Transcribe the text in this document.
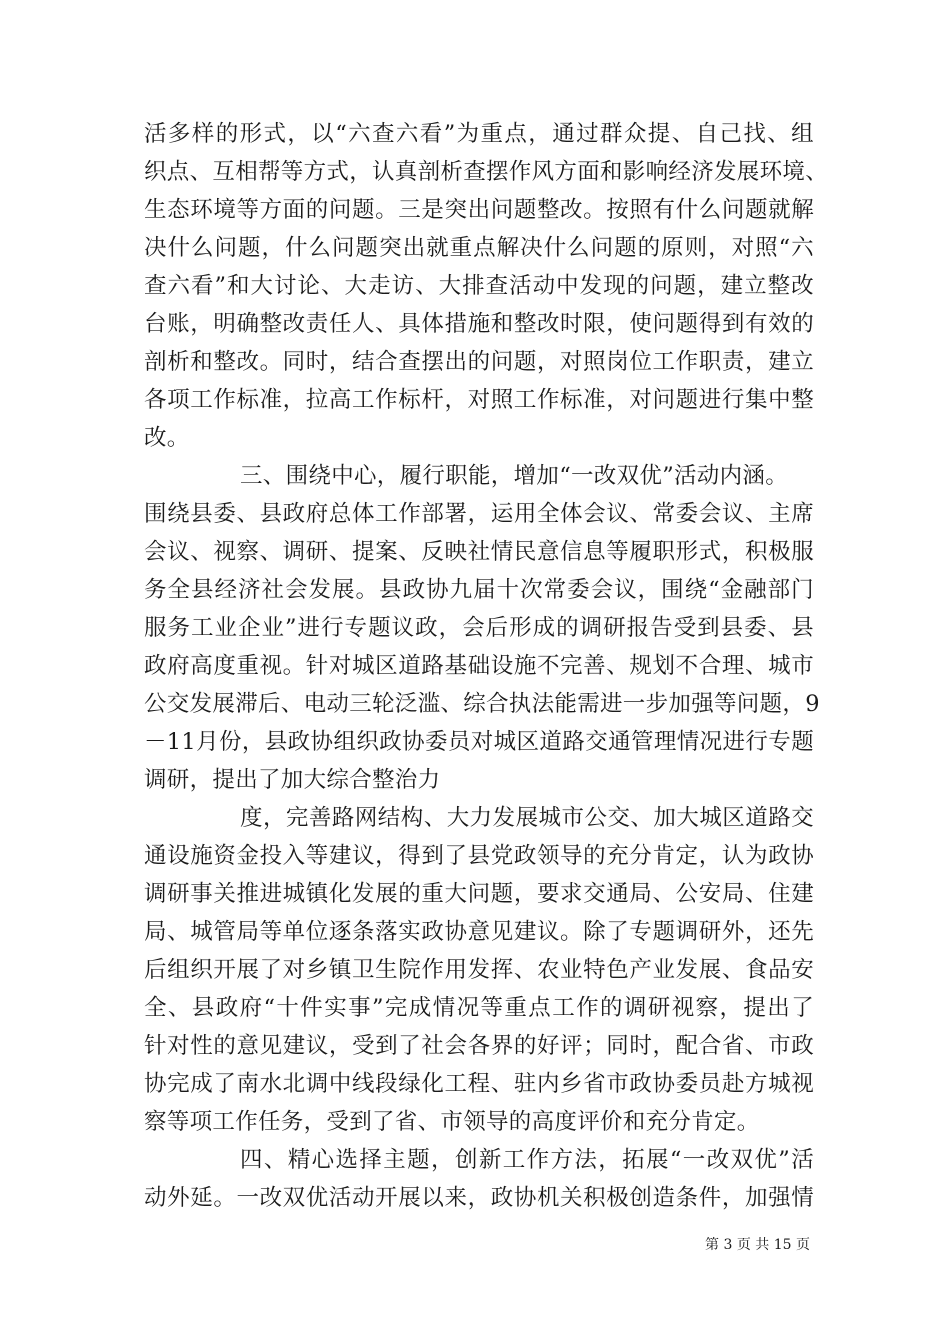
活多样的形式，以“六查六看”为重点，通过群众提、自己找、组
织点、互相帮等方式，认真剖析查摆作风方面和影响经济发展环境、
生态环境等方面的问题。三是突出问题整改。按照有什么问题就解
决什么问题，什么问题突出就重点解决什么问题的原则，对照“六
查六看”和大讨论、大走访、大排查活动中发现的问题，建立整改
台账，明确整改责任人、具体措施和整改时限，使问题得到有效的
剖析和整改。同时，结合查摆出的问题，对照岗位工作职责，建立
各项工作标准，拉高工作标杆，对照工作标准，对问题进行集中整
改。
三、围绕中心，履行职能，增加“一改双优”活动内涵。
围绕县委、县政府总体工作部署，运用全体会议、常委会议、主席
会议、视察、调研、提案、反映社情民意信息等履职形式，积极服
务全县经济社会发展。县政协九届十次常委会议，围绕“金融部门
服务工业企业”进行专题议政，会后形成的调研报告受到县委、县
政府高度重视。针对城区道路基础设施不完善、规划不合理、城市
公交发展滞后、电动三轮泛滥、综合执法能需进一步加强等问题，9
－11月份，县政协组织政协委员对城区道路交通管理情况进行专题
调研，提出了加大综合整治力
度，完善路网结构、大力发展城市公交、加大城区道路交
通设施资金投入等建议，得到了县党政领导的充分肯定，认为政协
调研事关推进城镇化发展的重大问题，要求交通局、公安局、住建
局、城管局等单位逐条落实政协意见建议。除了专题调研外，还先
后组织开展了对乡镇卫生院作用发挥、农业特色产业发展、食品安
全、县政府“十件实事”完成情况等重点工作的调研视察，提出了
针对性的意见建议，受到了社会各界的好评；同时，配合省、市政
协完成了南水北调中线段绿化工程、驻内乡省市政协委员赴方城视
察等项工作任务，受到了省、市领导的高度评价和充分肯定。
四、精心选择主题，创新工作方法，拓展“一改双优”活
动外延。一改双优活动开展以来，政协机关积极创造条件，加强情
第 3 页 共 15 页
